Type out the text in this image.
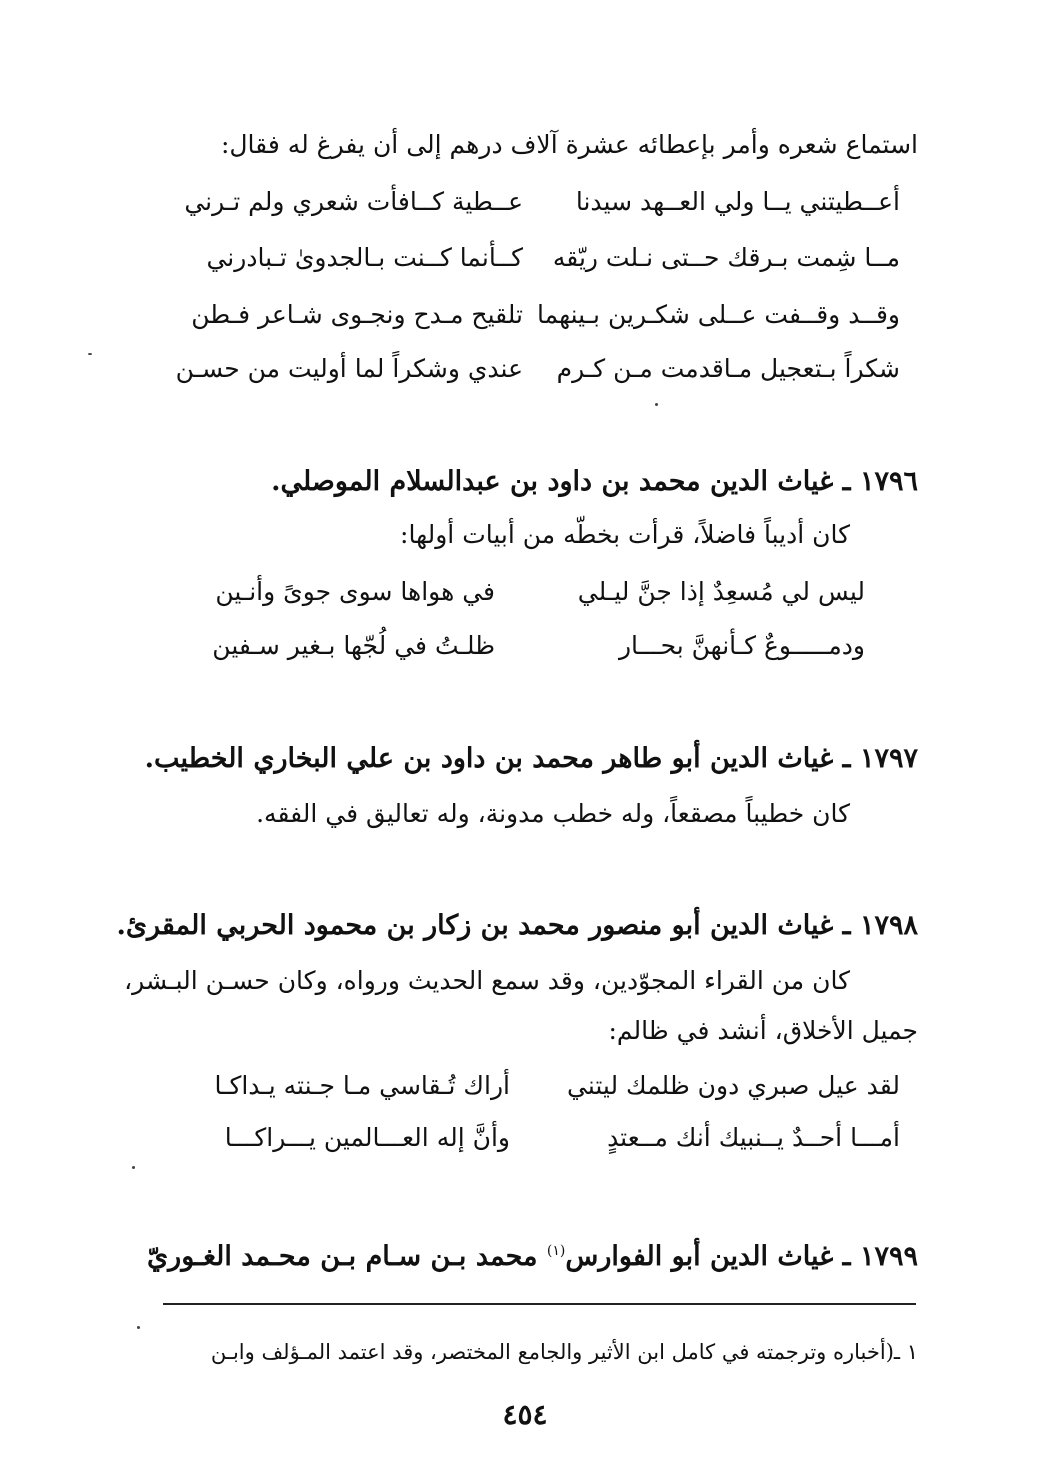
استماع شعره وأمر بإعطائه عشرة آلاف درهم إلى أن يفرغ له فقال:
أعــطيتني يــا ولي العــهد سيدنا
عــطية كــافأت شعري ولم تـرني
مــا شِمت بـرقك حــتى نـلت ريّقه
كــأنما كــنت بـالجدوىٰ تـبادرني
وقــد وقــفت عــلى شكـرين بـينهما
تلقيح مـدح ونجـوى شـاعر فـطن
شكراً بـتعجيل مـاقدمت مـن كـرم
عندي وشكراً لما أوليت من حسـن
١٧٩٦ ـ غياث الدين محمد بن داود بن عبدالسلام الموصلي.
كان أديباً فاضلاً، قرأت بخطّه من أبيات أولها:
ليس لي مُسعِدٌ إذا جنَّ ليـلي
في هواها سوى جوىً وأنـين
ودمـــــوعٌ كـأنهنَّ بحـــار
ظلـتُ في لُجّها بـغير سـفين
١٧٩٧ ـ غياث الدين أبو طاهر محمد بن داود بن علي البخاري الخطيب.
كان خطيباً مصقعاً، وله خطب مدونة، وله تعاليق في الفقه.
١٧٩٨ ـ غياث الدين أبو منصور محمد بن زكار بن محمود الحربي المقرئ.
كان من القراء المجوّدين، وقد سمع الحديث ورواه، وكان حسـن البـشر،
جميل الأخلاق، أنشد في ظالم:
لقد عيل صبري دون ظلمك ليتني
أراك تُـقاسي مـا جـنته يـداكـا
أمـــا أحــدٌ يــنبيك أنك مــعتدٍ
وأنَّ إله العـــالمين يـــراكـــا
١٧٩٩ ـ غياث الدين أبو الفوارس$^{(١)}$ محمد بـن سـام بـن محـمد الغـوريّ
١ ـ(أخباره وترجمته في كامل ابن الأثير والجامع المختصر، وقد اعتمد المـؤلف وابـن
٤٥٤
